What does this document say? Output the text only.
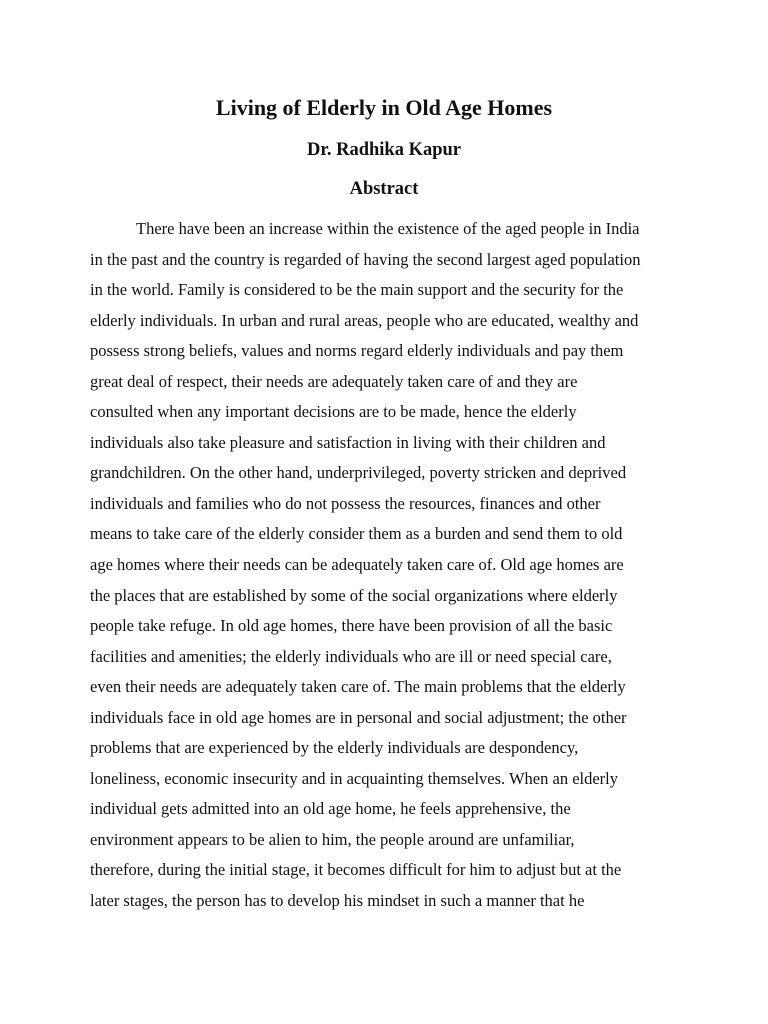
Living of Elderly in Old Age Homes
Dr. Radhika Kapur
Abstract
There have been an increase within the existence of the aged people in India
in the past and the country is regarded of having the second largest aged population
in the world. Family is considered to be the main support and the security for the
elderly individuals. In urban and rural areas, people who are educated, wealthy and
possess strong beliefs, values and norms regard elderly individuals and pay them
great deal of respect, their needs are adequately taken care of and they are
consulted when any important decisions are to be made, hence the elderly
individuals also take pleasure and satisfaction in living with their children and
grandchildren. On the other hand, underprivileged, poverty stricken and deprived
individuals and families who do not possess the resources, finances and other
means to take care of the elderly consider them as a burden and send them to old
age homes where their needs can be adequately taken care of. Old age homes are
the places that are established by some of the social organizations where elderly
people take refuge. In old age homes, there have been provision of all the basic
facilities and amenities; the elderly individuals who are ill or need special care,
even their needs are adequately taken care of. The main problems that the elderly
individuals face in old age homes are in personal and social adjustment; the other
problems that are experienced by the elderly individuals are despondency,
loneliness, economic insecurity and in acquainting themselves. When an elderly
individual gets admitted into an old age home, he feels apprehensive, the
environment appears to be alien to him, the people around are unfamiliar,
therefore, during the initial stage, it becomes difficult for him to adjust but at the
later stages, the person has to develop his mindset in such a manner that he
